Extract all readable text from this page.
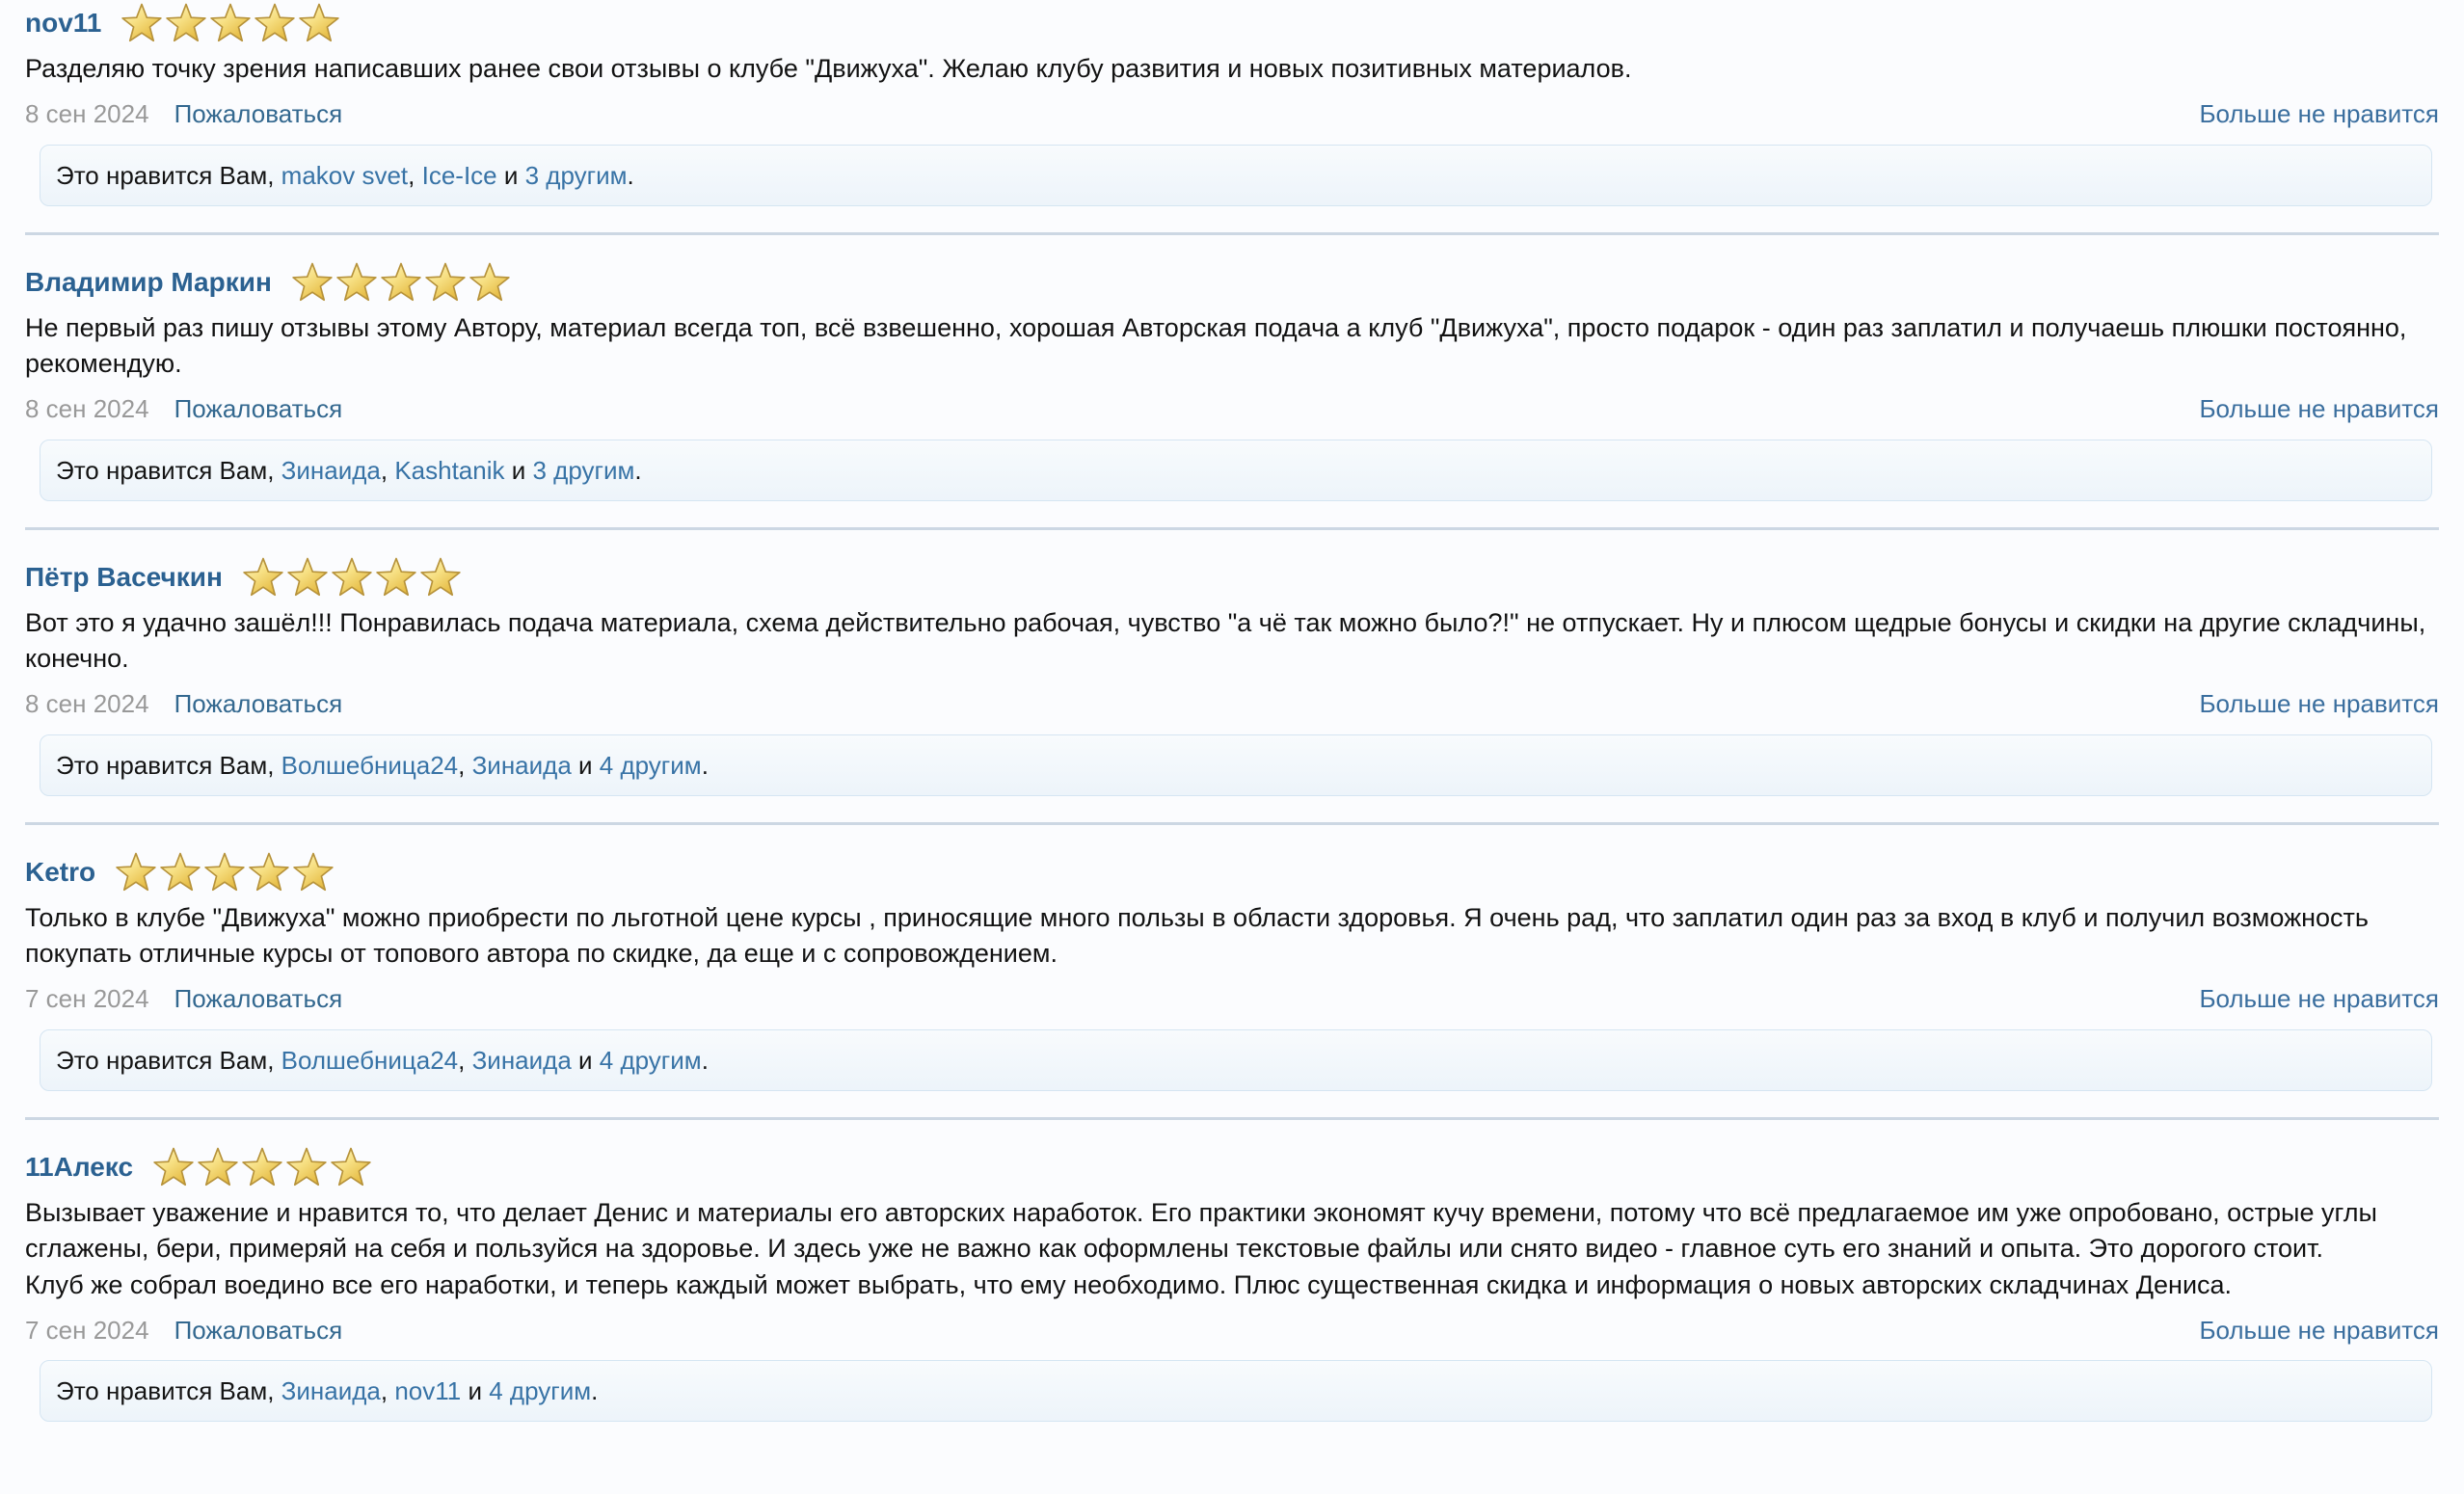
nov11

Разделяю точку зрения написавших ранее свои отзывы о клубе "Движуха". Желаю клубу развития и новых позитивных материалов.

8 сен 2024 Пожаловаться	Больше не нравится
Это нравится Вам, makov svet, Ice-Ice и 3 другим.
Владимир Маркин

Не первый раз пишу отзывы этому Автору, материал всегда топ, всё взвешенно, хорошая Авторская подача а клуб "Движуха", просто подарок - один раз заплатил и получаешь плюшки постоянно, рекомендую.

8 сен 2024 Пожаловаться	Больше не нравится
Это нравится Вам, Зинаида, Kashtanik и 3 другим.
Пётр Васечкин

Вот это я удачно зашёл!!! Понравилась подача материала, схема действительно рабочая, чувство "а чё так можно было?!" не отпускает. Ну и плюсом щедрые бонусы и скидки на другие складчины, конечно.

8 сен 2024 Пожаловаться	Больше не нравится
Это нравится Вам, Волшебница24, Зинаида и 4 другим.
Ketro

Только в клубе "Движуха" можно приобрести по льготной цене курсы , приносящие много пользы в области здоровья. Я очень рад, что заплатил один раз за вход в клуб и получил возможность покупать отличные курсы от топового автора по скидке, да еще и с сопровождением.

7 сен 2024 Пожаловаться	Больше не нравится
Это нравится Вам, Волшебница24, Зинаида и 4 другим.
11Алекс

Вызывает уважение и нравится то, что делает Денис и материалы его авторских наработок. Его практики экономят кучу времени, потому что всё предлагаемое им уже опробовано, острые углы сглажены, бери, примеряй на себя и пользуйся на здоровье. И здесь уже не важно как оформлены текстовые файлы или снято видео - главное суть его знаний и опыта. Это дорогого стоит.

Клуб же собрал воедино все его наработки, и теперь каждый может выбрать, что ему необходимо. Плюс существенная скидка и информация о новых авторских складчинах Дениса.

7 сен 2024 Пожаловаться	Больше не нравится
Это нравится Вам, Зинаида, nov11 и 4 другим.
